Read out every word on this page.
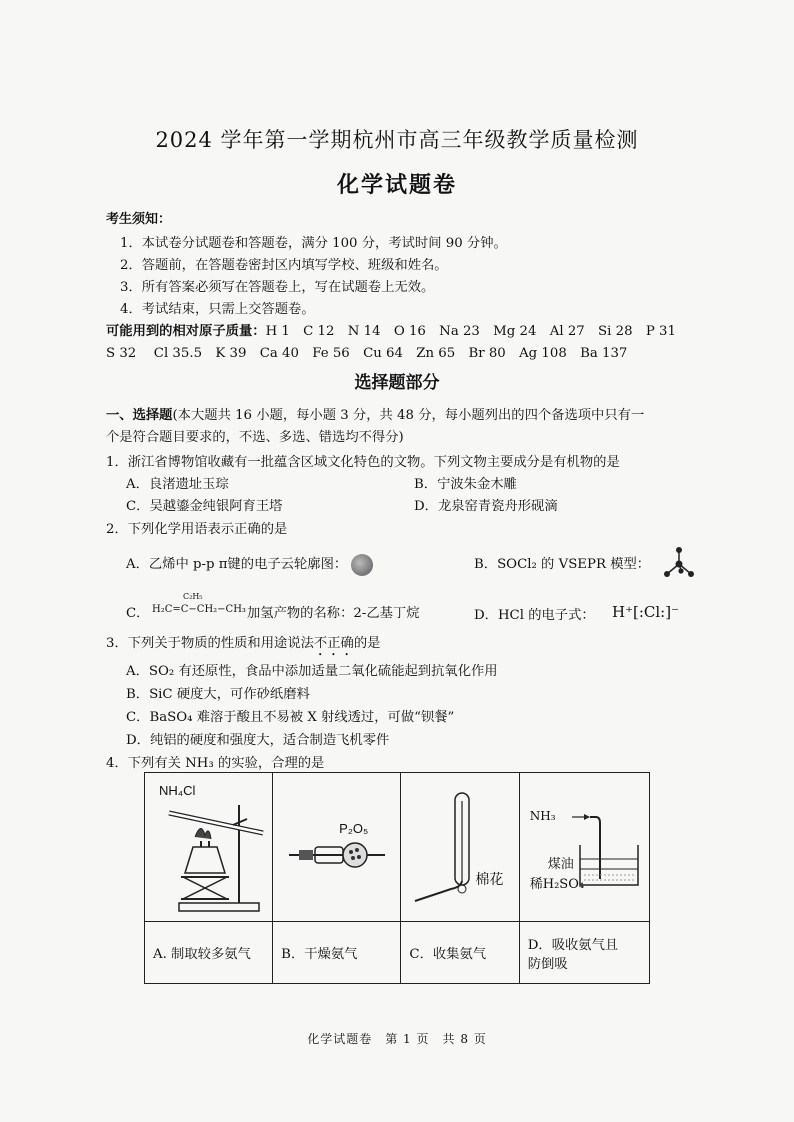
2024 学年第一学期杭州市高三年级教学质量检测
化学试题卷
考生须知：
1．本试卷分试题卷和答题卷，满分 100 分，考试时间 90 分钟。
2．答题前，在答题卷密封区内填写学校、班级和姓名。
3．所有答案必须写在答题卷上，写在试题卷上无效。
4．考试结束，只需上交答题卷。
可能用到的相对原子质量：H 1　C 12　N 14　O 16　Na 23　Mg 24　Al 27　Si 28　P 31
S 32　 Cl 35.5　K 39　Ca 40　Fe 56　Cu 64　Zn 65　Br 80　Ag 108　Ba 137
选择题部分
一、选择题(本大题共 16 小题，每小题 3 分，共 48 分，每小题列出的四个备选项中只有一
个是符合题目要求的，不选、多选、错选均不得分)
1．浙江省博物馆收藏有一批蕴含区域文化特色的文物。下列文物主要成分是有机物的是
A．良渚遗址玉琮	B．宁波朱金木雕
C．吴越鎏金纯银阿育王塔	D．龙泉窑青瓷舟形砚滴
2．下列化学用语表示正确的是
A．乙烯中 p-p π键的电子云轮廓图：	B．SOCl₂ 的 VSEPR 模型：
C．
C₂H₅
H₂C=C−CH₂−CH₃ 加氢产物的名称：2-乙基丁烷	D．HCl 的电子式： H⁺[:Cl:]⁻
3．下列关于物质的性质和用途说法不正确的是
A．SO₂ 有还原性，食品中添加适量二氧化硫能起到抗氧化作用
B．SiC 硬度大，可作砂纸磨料
C．BaSO₄ 难溶于酸且不易被 X 射线透过，可做“钡餐”
D．纯铝的硬度和强度大，适合制造飞机零件
4．下列有关 NH₃ 的实验，合理的是
NH₄Cl	P₂O₅	棉花	NH₃
煤油
稀H₂SO₄

A. 制取较多氨气	B．干燥氨气	C．收集氨气	D．吸收氨气且
防倒吸
化学试题卷　第 1 页　共 8 页
